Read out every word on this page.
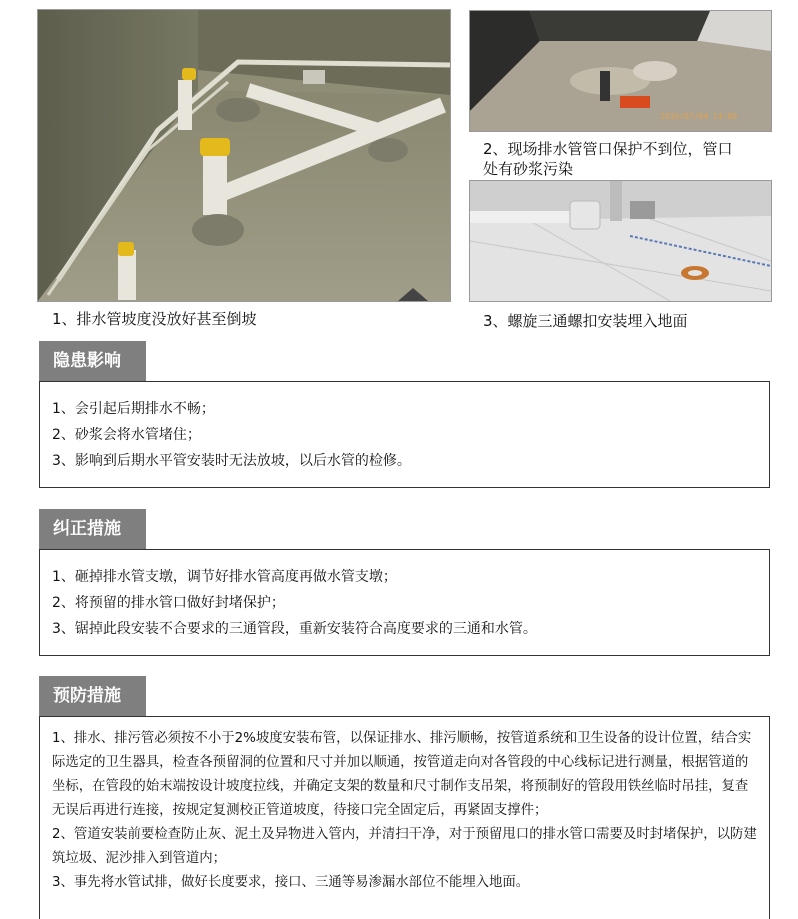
2016/07/04 14:09
1、排水管坡度没放好甚至倒坡
2、现场排水管管口保护不到位，管口
处有砂浆污染
3、螺旋三通螺扣安装埋入地面
隐患影响
1、会引起后期排水不畅；
2、砂浆会将水管堵住；
3、影响到后期水平管安装时无法放坡，以后水管的检修。
纠正措施
1、砸掉排水管支墩，调节好排水管高度再做水管支墩；
2、将预留的排水管口做好封堵保护；
3、锯掉此段安装不合要求的三通管段，重新安装符合高度要求的三通和水管。
预防措施
1、排水、排污管必须按不小于2%坡度安装布管，以保证排水、排污顺畅，按管道系统和卫生设备的设计位置，结合实际选定的卫生器具，检查各预留洞的位置和尺寸并加以顺通，按管道走向对各管段的中心线标记进行测量，根据管道的坐标，在管段的始末端按设计坡度拉线，并确定支架的数量和尺寸制作支吊架，将预制好的管段用铁丝临时吊挂，复查无误后再进行连接，按规定复测校正管道坡度，待接口完全固定后，再紧固支撑件；
2、管道安装前要检查防止灰、泥土及异物进入管内，并清扫干净，对于预留甩口的排水管口需要及时封堵保护，以防建筑垃圾、泥沙排入到管道内；
3、事先将水管试排，做好长度要求，接口、三通等易渗漏水部位不能埋入地面。
